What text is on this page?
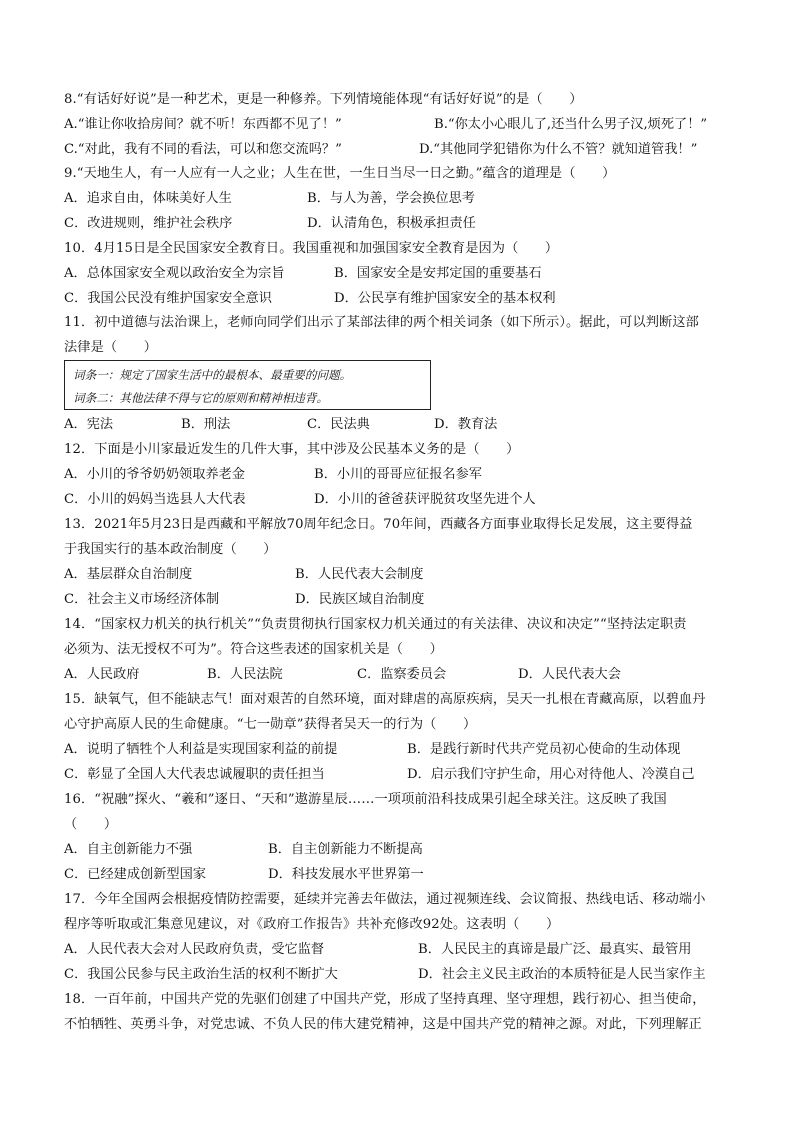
8.“有话好好说”是一种艺术，更是一种修养。下列情境能体现“有话好好说”的是（　　）
A.“谁让你收拾房间？就不听！东西都不见了！”	B.“你太小心眼儿了,还当什么男子汉,烦死了！”
C.“对此，我有不同的看法，可以和您交流吗？”	D.“其他同学犯错你为什么不管？就知道管我！”
9.“天地生人，有一人应有一人之业；人生在世，一生日当尽一日之勤。”蕴含的道理是（　　）
A．追求自由，体味美好人生	B．与人为善，学会换位思考
C．改进规则，维护社会秩序	D．认清角色，积极承担责任
10．4月15日是全民国家安全教育日。我国重视和加强国家安全教育是因为（　　）
A．总体国家安全观以政治安全为宗旨	B．国家安全是安邦定国的重要基石
C．我国公民没有维护国家安全意识	D．公民享有维护国家安全的基本权利
11．初中道德与法治课上，老师向同学们出示了某部法律的两个相关词条（如下所示）。据此，可以判断这部
法律是（　　）
词条一：规定了国家生活中的最根本、最重要的问题。
词条二：其他法律不得与它的原则和精神相违背。
A．宪法	B．刑法	C．民法典	D．教育法
12．下面是小川家最近发生的几件大事，其中涉及公民基本义务的是（　　）
A．小川的爷爷奶奶领取养老金	B．小川的哥哥应征报名参军
C．小川的妈妈当选县人大代表	D．小川的爸爸获评脱贫攻坚先进个人
13．2021年5月23日是西藏和平解放70周年纪念日。70年间，西藏各方面事业取得长足发展，这主要得益
于我国实行的基本政治制度（　　）
A．基层群众自治制度	B．人民代表大会制度
C．社会主义市场经济体制	D．民族区域自治制度
14．“国家权力机关的执行机关”“负责贯彻执行国家权力机关通过的有关法律、决议和决定”“坚持法定职责
必须为、法无授权不可为”。符合这些表述的国家机关是（　　）
A．人民政府	B．人民法院	C．监察委员会	D．人民代表大会
15．缺氧气，但不能缺志气！面对艰苦的自然环境，面对肆虐的高原疾病，吴天一扎根在青藏高原，以碧血丹
心守护高原人民的生命健康。“七一勋章”获得者吴天一的行为（　　）
A．说明了牺牲个人利益是实现国家利益的前提	B．是践行新时代共产党员初心使命的生动体现
C．彰显了全国人大代表忠诚履职的责任担当	D．启示我们守护生命，用心对待他人、冷漠自己
16．“祝融”探火、“羲和”逐日、“天和”遨游星辰……一项项前沿科技成果引起全球关注。这反映了我国
（　　）
A．自主创新能力不强	B．自主创新能力不断提高
C．已经建成创新型国家	D．科技发展水平世界第一
17．今年全国两会根据疫情防控需要，延续并完善去年做法，通过视频连线、会议简报、热线电话、移动端小
程序等听取或汇集意见建议，对《政府工作报告》共补充修改92处。这表明（　　）
A．人民代表大会对人民政府负责，受它监督	B．人民民主的真谛是最广泛、最真实、最管用
C．我国公民参与民主政治生活的权利不断扩大	D．社会主义民主政治的本质特征是人民当家作主
18．一百年前，中国共产党的先驱们创建了中国共产党，形成了坚持真理、坚守理想，践行初心、担当使命，
不怕牺牲、英勇斗争，对党忠诚、不负人民的伟大建党精神，这是中国共产党的精神之源。对此，下列理解正
